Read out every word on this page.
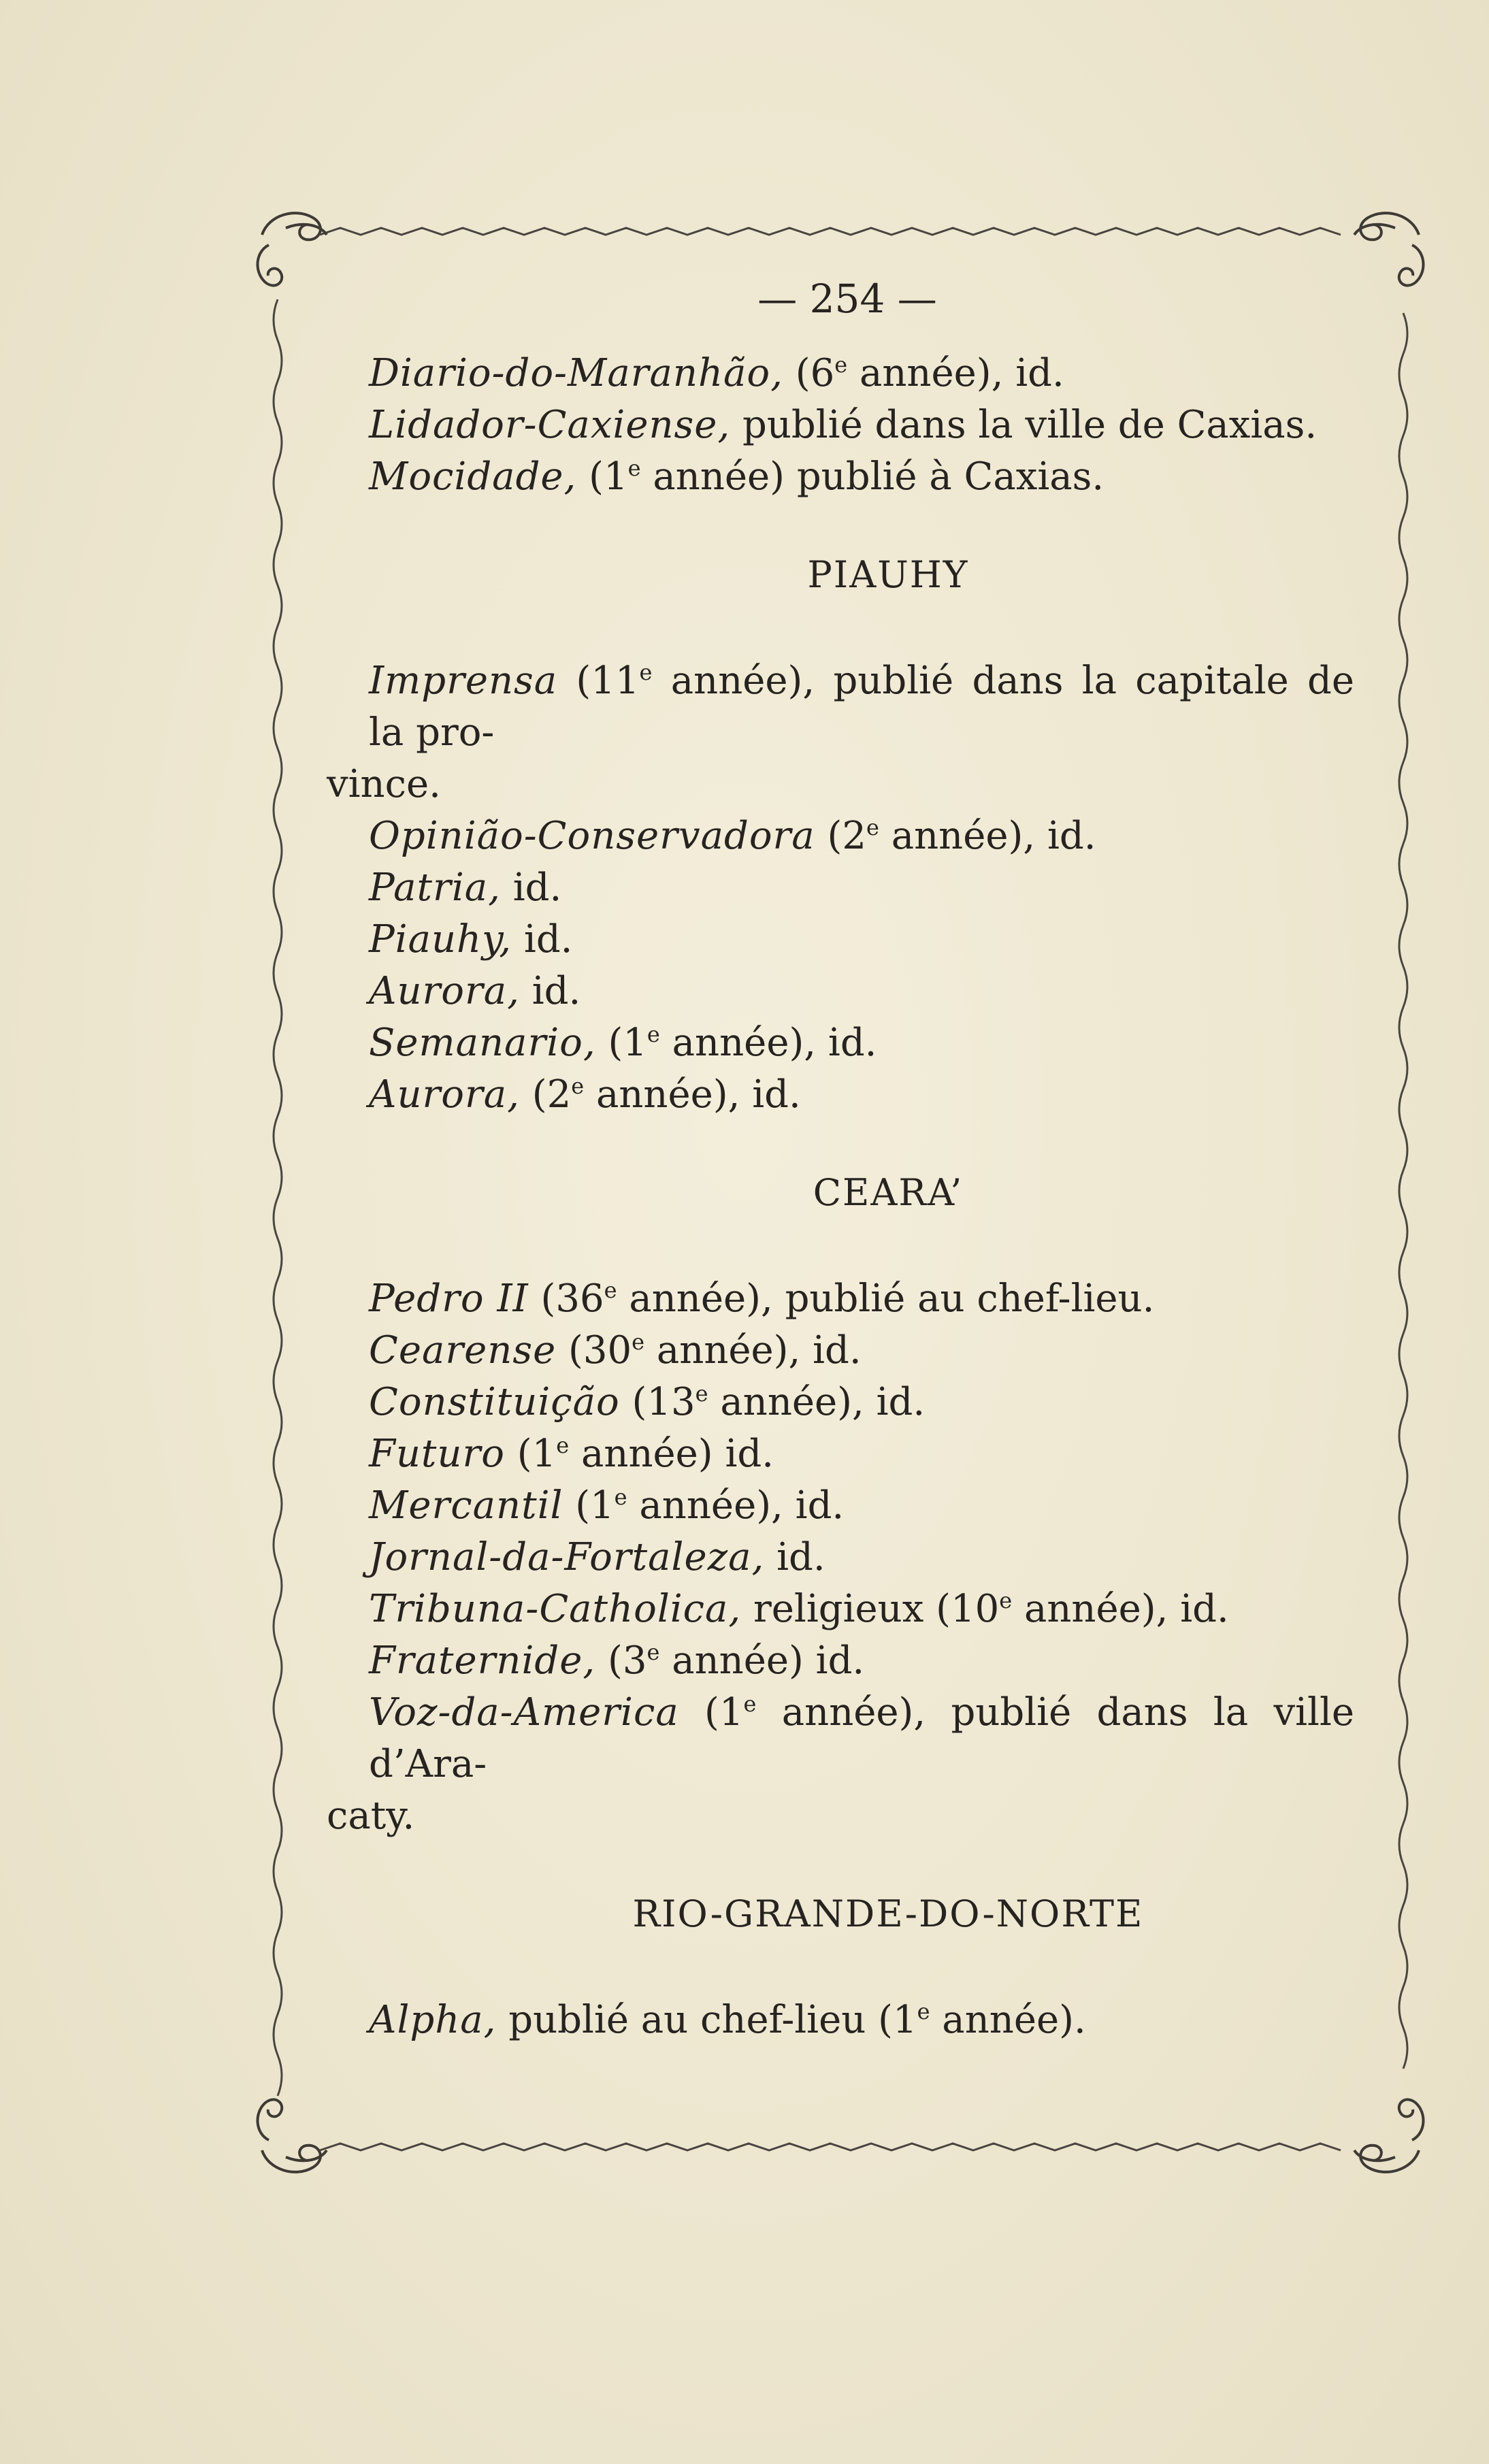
— 254 —
Diario-do-Maranhão, (6e année), id.
Lidador-Caxiense, publié dans la ville de Caxias.
Mocidade, (1e année) publié à Caxias.
PIAUHY
Imprensa (11e année), publié dans la capitale de la pro-
vince.
Opinião-Conservadora (2e année), id.
Patria, id.
Piauhy, id.
Aurora, id.
Semanario, (1e année), id.
Aurora, (2e année), id.
CEARA’
Pedro II (36e année), publié au chef-lieu.
Cearense (30e année), id.
Constituição (13e année), id.
Futuro (1e année) id.
Mercantil (1e année), id.
Jornal-da-Fortaleza, id.
Tribuna-Catholica, religieux (10e année), id.
Fraternide, (3e année) id.
Voz-da-America (1e année), publié dans la ville d’Ara-
caty.
RIO-GRANDE-DO-NORTE
Alpha, publié au chef-lieu (1e année).
